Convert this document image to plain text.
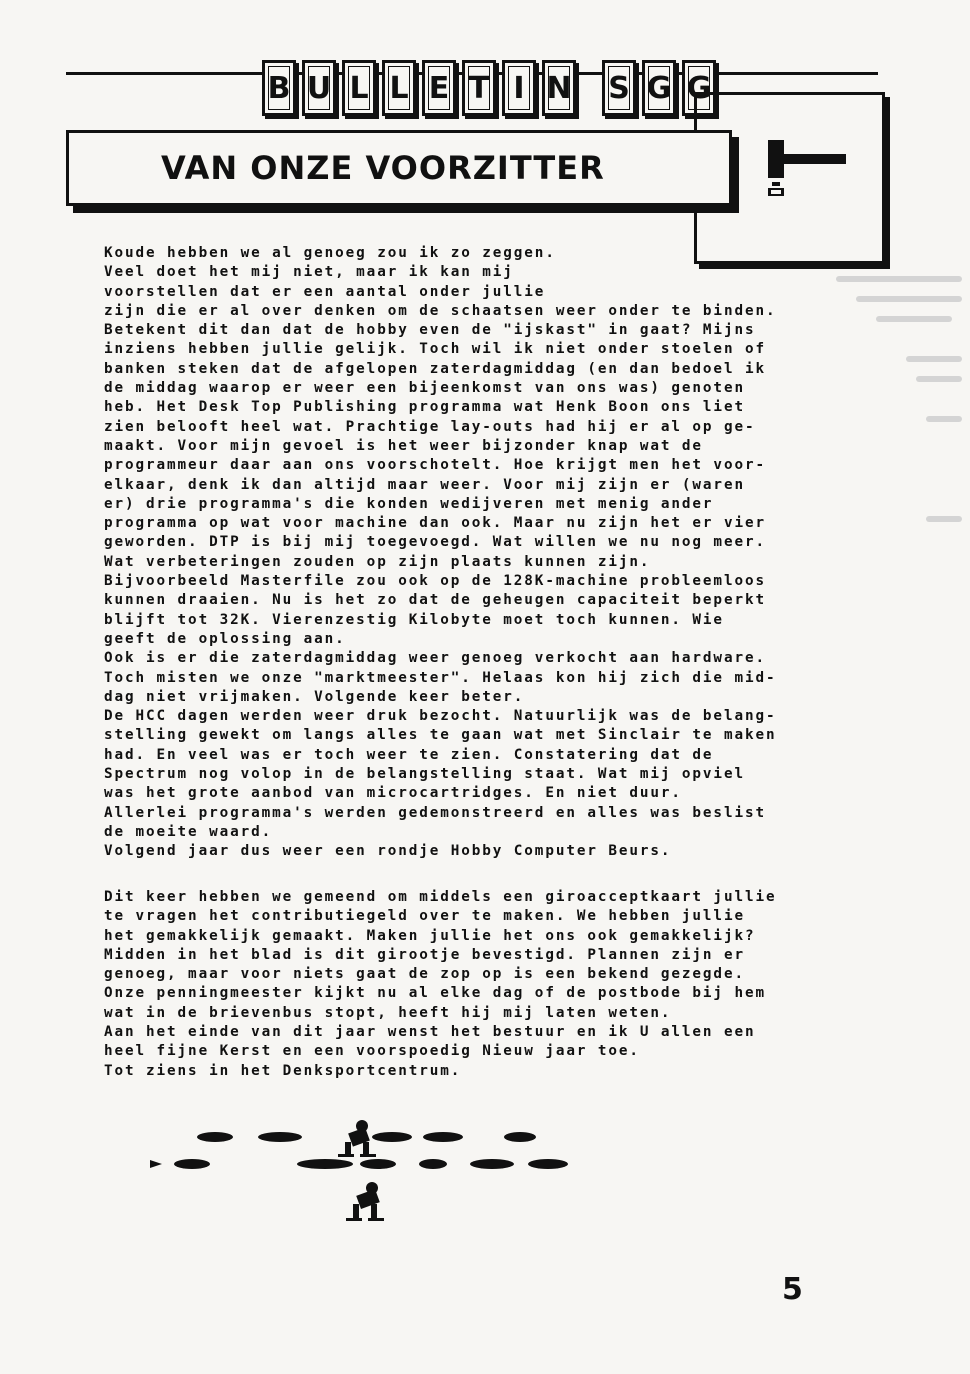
B U L L E T I N S G G
VAN ONZE VOORZITTER
Koude hebben we al genoeg zou ik zo zeggen.
Veel doet het mij niet, maar ik kan mij
voorstellen dat er een aantal onder jullie
zijn die er al over denken om de schaatsen weer onder te binden.
Betekent dit dan dat de hobby even de "ijskast" in gaat? Mijns
inziens hebben jullie gelijk. Toch wil ik niet onder stoelen of
banken steken dat de afgelopen zaterdagmiddag (en dan bedoel ik
de middag waarop er weer een bijeenkomst van ons was) genoten
heb. Het Desk Top Publishing programma wat Henk Boon ons liet
zien belooft heel wat. Prachtige lay-outs had hij er al op ge-
maakt. Voor mijn gevoel is het weer bijzonder knap wat de
programmeur daar aan ons voorschotelt. Hoe krijgt men het voor-
elkaar, denk ik dan altijd maar weer. Voor mij zijn er (waren
er) drie programma's die konden wedijveren met menig ander
programma op wat voor machine dan ook. Maar nu zijn het er vier
geworden. DTP is bij mij toegevoegd. Wat willen we nu nog meer.
Wat verbeteringen zouden op zijn plaats kunnen zijn.
Bijvoorbeeld Masterfile zou ook op de 128K-machine probleemloos
kunnen draaien. Nu is het zo dat de geheugen capaciteit beperkt
blijft tot 32K. Vierenzestig Kilobyte moet toch kunnen. Wie
geeft de oplossing aan.
Ook is er die zaterdagmiddag weer genoeg verkocht aan hardware.
Toch misten we onze "marktmeester". Helaas kon hij zich die mid-
dag niet vrijmaken. Volgende keer beter.
De HCC dagen werden weer druk bezocht. Natuurlijk was de belang-
stelling gewekt om langs alles te gaan wat met Sinclair te maken
had. En veel was er toch weer te zien. Constatering dat de
Spectrum nog volop in de belangstelling staat. Wat mij opviel
was het grote aanbod van microcartridges. En niet duur.
Allerlei programma's werden gedemonstreerd en alles was beslist
de moeite waard.
Volgend jaar dus weer een rondje Hobby Computer Beurs.
Dit keer hebben we gemeend om middels een giroacceptkaart jullie
te vragen het contributiegeld over te maken. We hebben jullie
het gemakkelijk gemaakt. Maken jullie het ons ook gemakkelijk?
Midden in het blad is dit girootje bevestigd. Plannen zijn er
genoeg, maar voor niets gaat de zop op is een bekend gezegde.
Onze penningmeester kijkt nu al elke dag of de postbode bij hem
wat in de brievenbus stopt, heeft hij mij laten weten.
Aan het einde van dit jaar wenst het bestuur en ik U allen een
heel fijne Kerst en een voorspoedig Nieuw jaar toe.
Tot ziens in het Denksportcentrum.
5
